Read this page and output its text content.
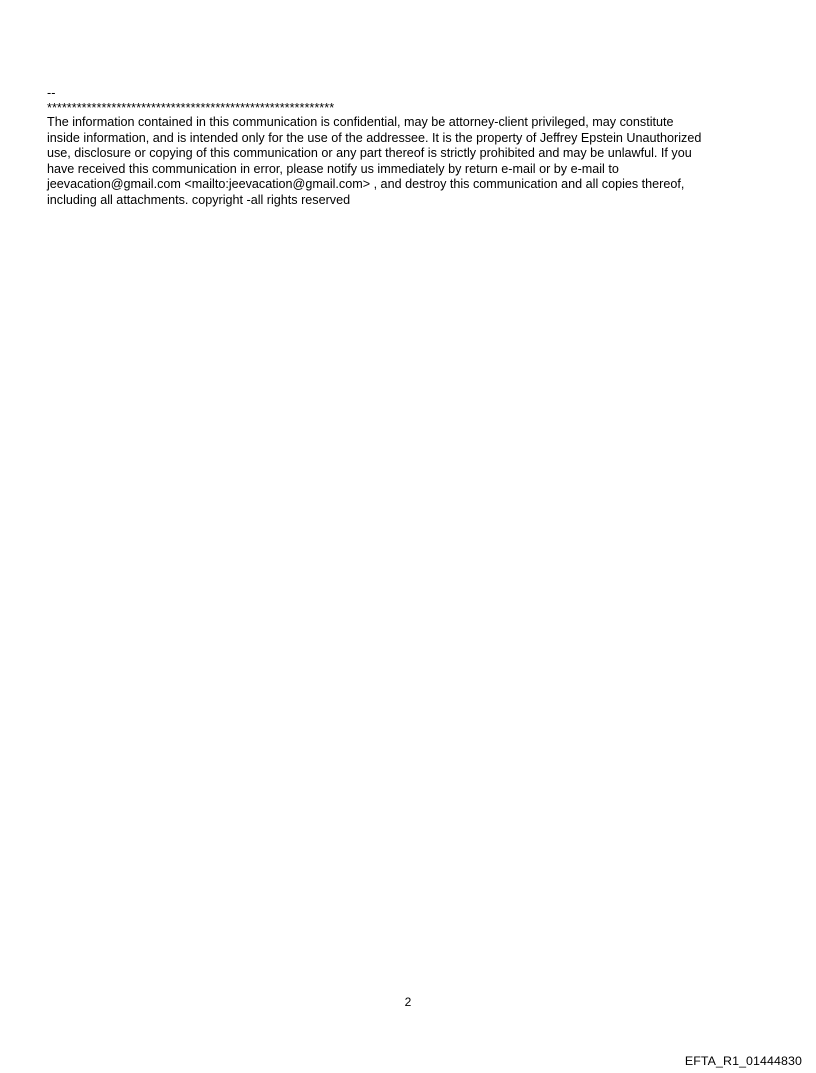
--
**********************************************************
The information contained in this communication is confidential, may be attorney-client privileged, may constitute
inside information, and is intended only for the use of the addressee. It is the property of Jeffrey Epstein Unauthorized
use, disclosure or copying of this communication or any part thereof is strictly prohibited and may be unlawful. If you
have received this communication in error, please notify us immediately by return e-mail or by e-mail to
jeevacation@gmail.com <mailto:jeevacation@gmail.com> , and destroy this communication and all copies thereof,
including all attachments. copyright -all rights reserved
2
EFTA_R1_01444830
